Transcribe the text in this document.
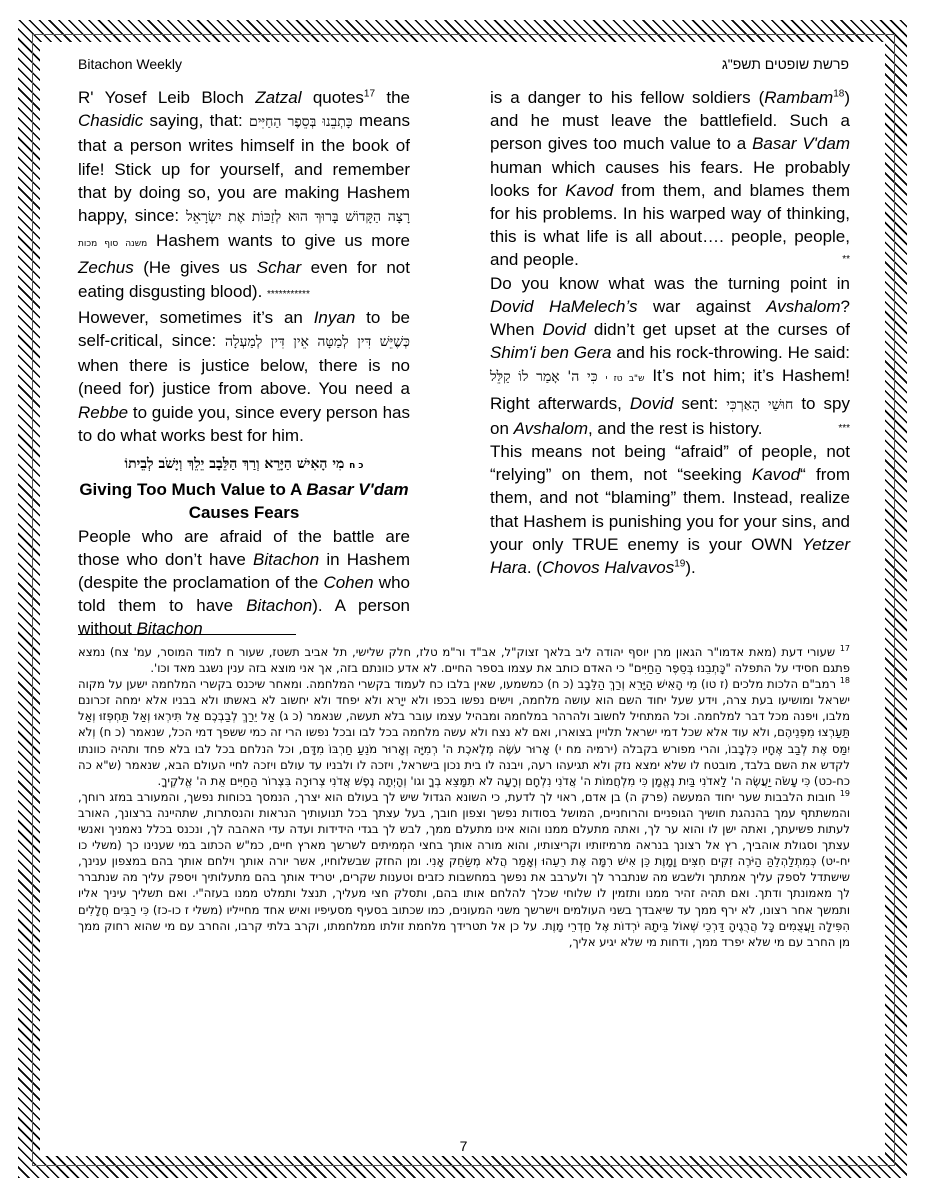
Bitachon Weekly	פרשת שופטים תשפ"ג

R' Yosef Leib Bloch Zatzal quotes$^{17}$ the Chasidic saying, that: כָּתְבֵנוּ בְּסֵפֶר הַחַיִּים means that a person writes himself in the book of life! Stick up for yourself, and remember that by doing so, you are making Hashem happy, since: רָצָה הַקָּדוֹשׁ בָּרוּךְ הוּא לְזַכּוֹת אֶת יִשְׂרָאֵל משנה סוף מכות Hashem wants to give us more Zechus (He gives us Schar even for not eating disgusting blood). ***********

However, sometimes it’s an Inyan to be self-critical, since: כְּשֶׁיֵּשׁ דִּין לְמַטָּה אֵין דִּין לְמַעְלָה when there is justice below, there is no (need for) justice from above. You need a Rebbe to guide you, since every person has to do what works best for him.

מִי הָאִישׁ הַיָּרֵא וְרַךְ הַלֵּבָב יֵלֵךְ וְיָשֹׁב לְבֵיתוֹ כ ח

Giving Too Much Value to A Basar V'dam
Causes Fears

People who are afraid of the battle are those who don’t have Bitachon in Hashem (despite the proclamation of the Cohen who told them to have Bitachon). A person without Bitachon

is a danger to his fellow soldiers (Rambam$^{18}$) and he must leave the battlefield. Such a person gives too much value to a Basar V'dam human which causes his fears. He probably looks for Kavod from them, and blames them for his problems. In his warped way of thinking, this is what life is all about…. people, people, and people.	**

Do you know what was the turning point in Dovid HaMelech’s war against Avshalom? When Dovid didn’t get upset at the curses of Shim'i ben Gera and his rock-throwing. He said: כִּי ה' אָמַר לוֹ קַלֵּל ש"ב טז י It’s not him; it’s Hashem! Right afterwards, Dovid sent: חוּשַׁי הָאַרְכִּי to spy on Avshalom, and the rest is history.	***

This means not being “afraid” of people, not “relying” on them, not “seeking Kavod“ from them, and not “blaming” them. Instead, realize that Hashem is punishing you for your sins, and your only TRUE enemy is your OWN Yetzer Hara. (Chovos Halvavos$^{19}$).

$^{17}$ שעורי דעת (מאת אדמו"ר הגאון מרן יוסף יהודה ליב בלאך זצוק"ל, אב"ד ור"מ טלז, חלק שלישי, תל אביב תשטז, שעור ח למוד המוסר, עמ' צח) נמצא פתגם חסידי על התפלה "כָּתְבֵנוּ בְּסֵפֶר הַחַיִּים" כי האדם כותב את עצמו בספר החיים. לא אדע כוונתם בזה, אך אני מוצא בזה ענין נשגב מאד וכו'.

$^{18}$ רמב"ם הלכות מלכים (ז טו) מִי הָאִישׁ הַיָּרֵא וְרַךְ הַלֵּבָב (כ ח) כמשמעו, שאין בלבו כח לעמוד בקשרי המלחמה. ומאחר שיכנס בקשרי המלחמה ישען על מקוה ישראל ומושיעו בעת צרה, וידע שעל יחוד השם הוא עושה מלחמה, וישים נפשו בכפו ולא ייָרא ולא יפחד ולא יחשוב לא באשתו ולא בבניו אלא ימחה זכרונם מלבו, ויפנה מכל דבר למלחמה. וכל המתחיל לחשוב ולהרהר במלחמה ומבהיל עצמו עובר בלא תעשה, שנאמר (כ ג) אַל יֵרַךְ לְבַבְכֶם אַל תִּירְאוּ וְאַל תַּחְפְּזוּ וְאַל תַּעַרְצוּ מִפְּנֵיהֶם, ולא עוד אלא שכל דמי ישראל תלויין בצוארו, ואם לא נצח ולא עשה מלחמה בכל לבו ובכל נפשו הרי זה כמי ששפך דמי הכל, שנאמר (כ ח) וְלֹא יִמַּס אֶת לְבַב אֶחָיו כִּלְבָבוֹ, והרי מפורש בקבלה (ירמיה מח י) אָרוּר עֹשֶׂה מְלֶאכֶת ה' רְמִיָּה וְאָרוּר מֹנֵעַ חַרְבּוֹ מִדָּם, וכל הנלחם בכל לבו בלא פחד ותהיה כוונתו לקדש את השם בלבד, מובטח לו שלא ימצא נזק ולא תגיעהו רעה, ויבנה לו בית נכון בישראל, ויזכה לו ולבניו עד עולם ויזכה לחיי העולם הבא, שנאמר (ש"א כה כח-כט) כִּי עָשֹׂה יַעֲשֶׂה ה' לַאדֹנִי בַּיִת נֶאֱמָן כִּי מִלְחֲמוֹת ה' אֲדֹנִי נִלְחָם וְרָעָה לֹא תִמָּצֵא בְךָ וגו' וְהָיְתָה נֶפֶשׁ אֲדֹנִי צְרוּרָה בִּצְרוֹר הַחַיִּים אֵת ה' אֱלֹקֶיךָ.

$^{19}$ חובות הלבבות שער יחוד המעשה (פרק ה) בן אדם, ראוי לך לדעת, כי השונא הגדול שיש לך בעולם הוא יצרך, הנמסך בכוחות נפשך, והמעורב במזג רוחך, והמשתתף עמך בהנהגת חושיך הגופניים והרוחניים, המושל בסודות נפשך וצפון חובך, בעל עצתך בכל תנועותיך הנראות והנסתרות, שתהיינה ברצונך, האורב לעתות פשיעתך, ואתה ישן לו והוא ער לך, ואתה מתעלם ממנו והוא אינו מתעלם ממך, לבש לך בגדי הידידות ועדה עדי האהבה לך, ונכנס בכלל נאמניך ואנשי עצתך וסגולת אוהביך, רץ אל רצונך בנראה מרמיזותיו וקריצותיו, והוא מורה אותך בחצי המְמיתים לשרשך מארץ חיים, כמ"ש הכתוב במי שענינו כך (משלי כו יח-יט) כְּמִתְלַהְלֵהַּ הַיֹּרֶה זִקִּים חִצִּים וָמָוֶת כֵּן אִישׁ רִמָּה אֶת רֵעֵהוּ וְאָמַר הֲלֹא מְשַׂחֵק אָנִי. ומן החזק שבשלוחיו, אשר יורה אותך וילחם אותך בהם במצפון ענינך, שישתדל לספק עליך אמתתך ולשבש מה שנתברר לך ולערבב את נפשך במחשבות כזבים וטענות שקרים, יטריד אותך בהם מתעלותיך ויספק עליך מה שנתברר לך מאמונתך ודתך. ואם תהיה זהיר ממנו ותזמין לו שלוחי שכלך להלחם אותו בהם, ותסלק חצי מעליך, תנצל ותמלט ממנו בעזה"י. ואם תשליך עיניך אליו ותמשך אחר רצונו, לא ירף ממך עד שיאבדך בשני העולמים וישרשך משני המעונים, כמו שכתוב בסעיף מסעיפיו ואיש אחד מחייליו (משלי ז כו-כז) כִּי רַבִּים חֲלָלִים הִפִּילָה וַעֲצֻמִים כָּל הֲרֻגֶיהָ דַּרְכֵי שְׁאוֹל בֵּיתָהּ יֹרְדוֹת אֶל חַדְרֵי מָוֶת. על כן אל תטרידך מלחמת זולתו ממלחמתו, וקרב בלתי קרבו, והחרב עם מי שהוא רחוק ממך מן החרב עם מי שלא יפרד ממך, ודחות מי שלא יגיע אליך,

7
